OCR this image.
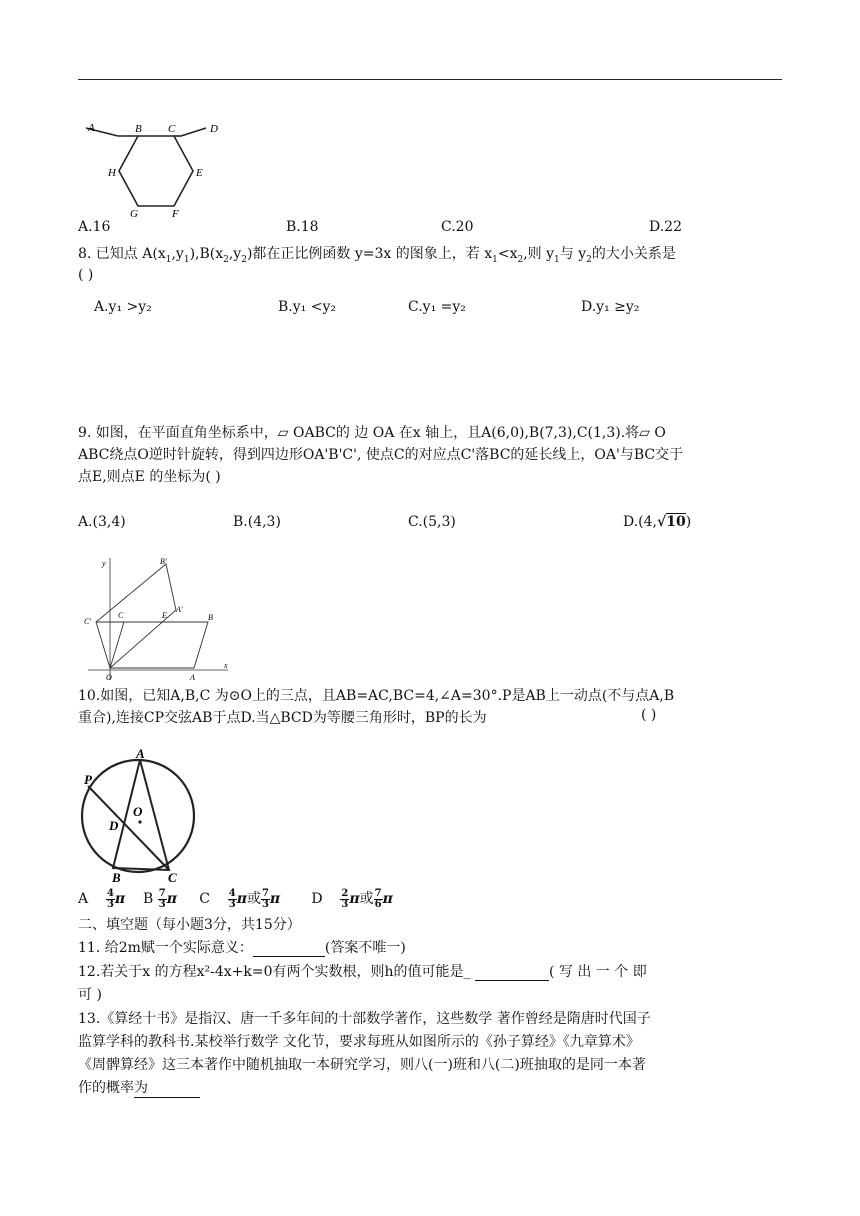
A	B C	D
H	E
G	F
A.16	B.18	C.20	D.22
8. 已知点 $A(x_1,y_1),B(x_2,y_2)$都在正比例函数 y=3x 的图象上，若 $x_1<x_2$,则 $y_1$与 $y_2$的大小关系是
( )
A.y₁ >y₂	B.y₁ <y₂	C.y₁ =y₂	D.y₁ ≥y₂
9. 如图，在平面直角坐标系中，▱ OABC的 边 OA 在x 轴上，且A(6,0),B(7,3),C(1,3).将▱ O
ABC绕点O逆时针旋转，得到四边形OA'B'C', 使点C的对应点C'落BC的延长线上，OA'与BC交于
点E,则点E 的坐标为( )
A.(3,4)	B.(4,3)	C.(5,3)	D.(4,√10)
y	B'
C'
C	E
A'
B
O	A
x
10.如图，已知A,B,C 为⊙O上的三点，且AB=AC,BC=4,∠A=30°.P是AB上一动点(不与点A,B
重合),连接CP交弦AB于点D.当△BCD为等腰三角形时，BP的长为	( )
A
P
O
D
B	C
A $\frac{4}{3}$ π B $\frac{7}{3}$ π C $\frac{4}{3}$ π或 $\frac{7}{3}$ π D $\frac{2}{3}$ π或 $\frac{7}{6}$ π
二、填空题（每小题3分，共15分）
11. 给2m赋一个实际意义：	(答案不唯一)
12.若关于x 的方程x²-4x+k=0有两个实数根，则h的值可能是_	( 写 出 一 个 即
可 )
13.《算经十书》是指汉、唐一千多年间的十部数学著作，这些数学 著作曾经是隋唐时代国子
监算学科的教科书.某校举行数学 文化节，要求每班从如图所示的《孙子算经》《九章算术》
《周髀算经》这三本著作中随机抽取一本研究学习，则八(一)班和八(二)班抽取的是同一本著
作的概率为
